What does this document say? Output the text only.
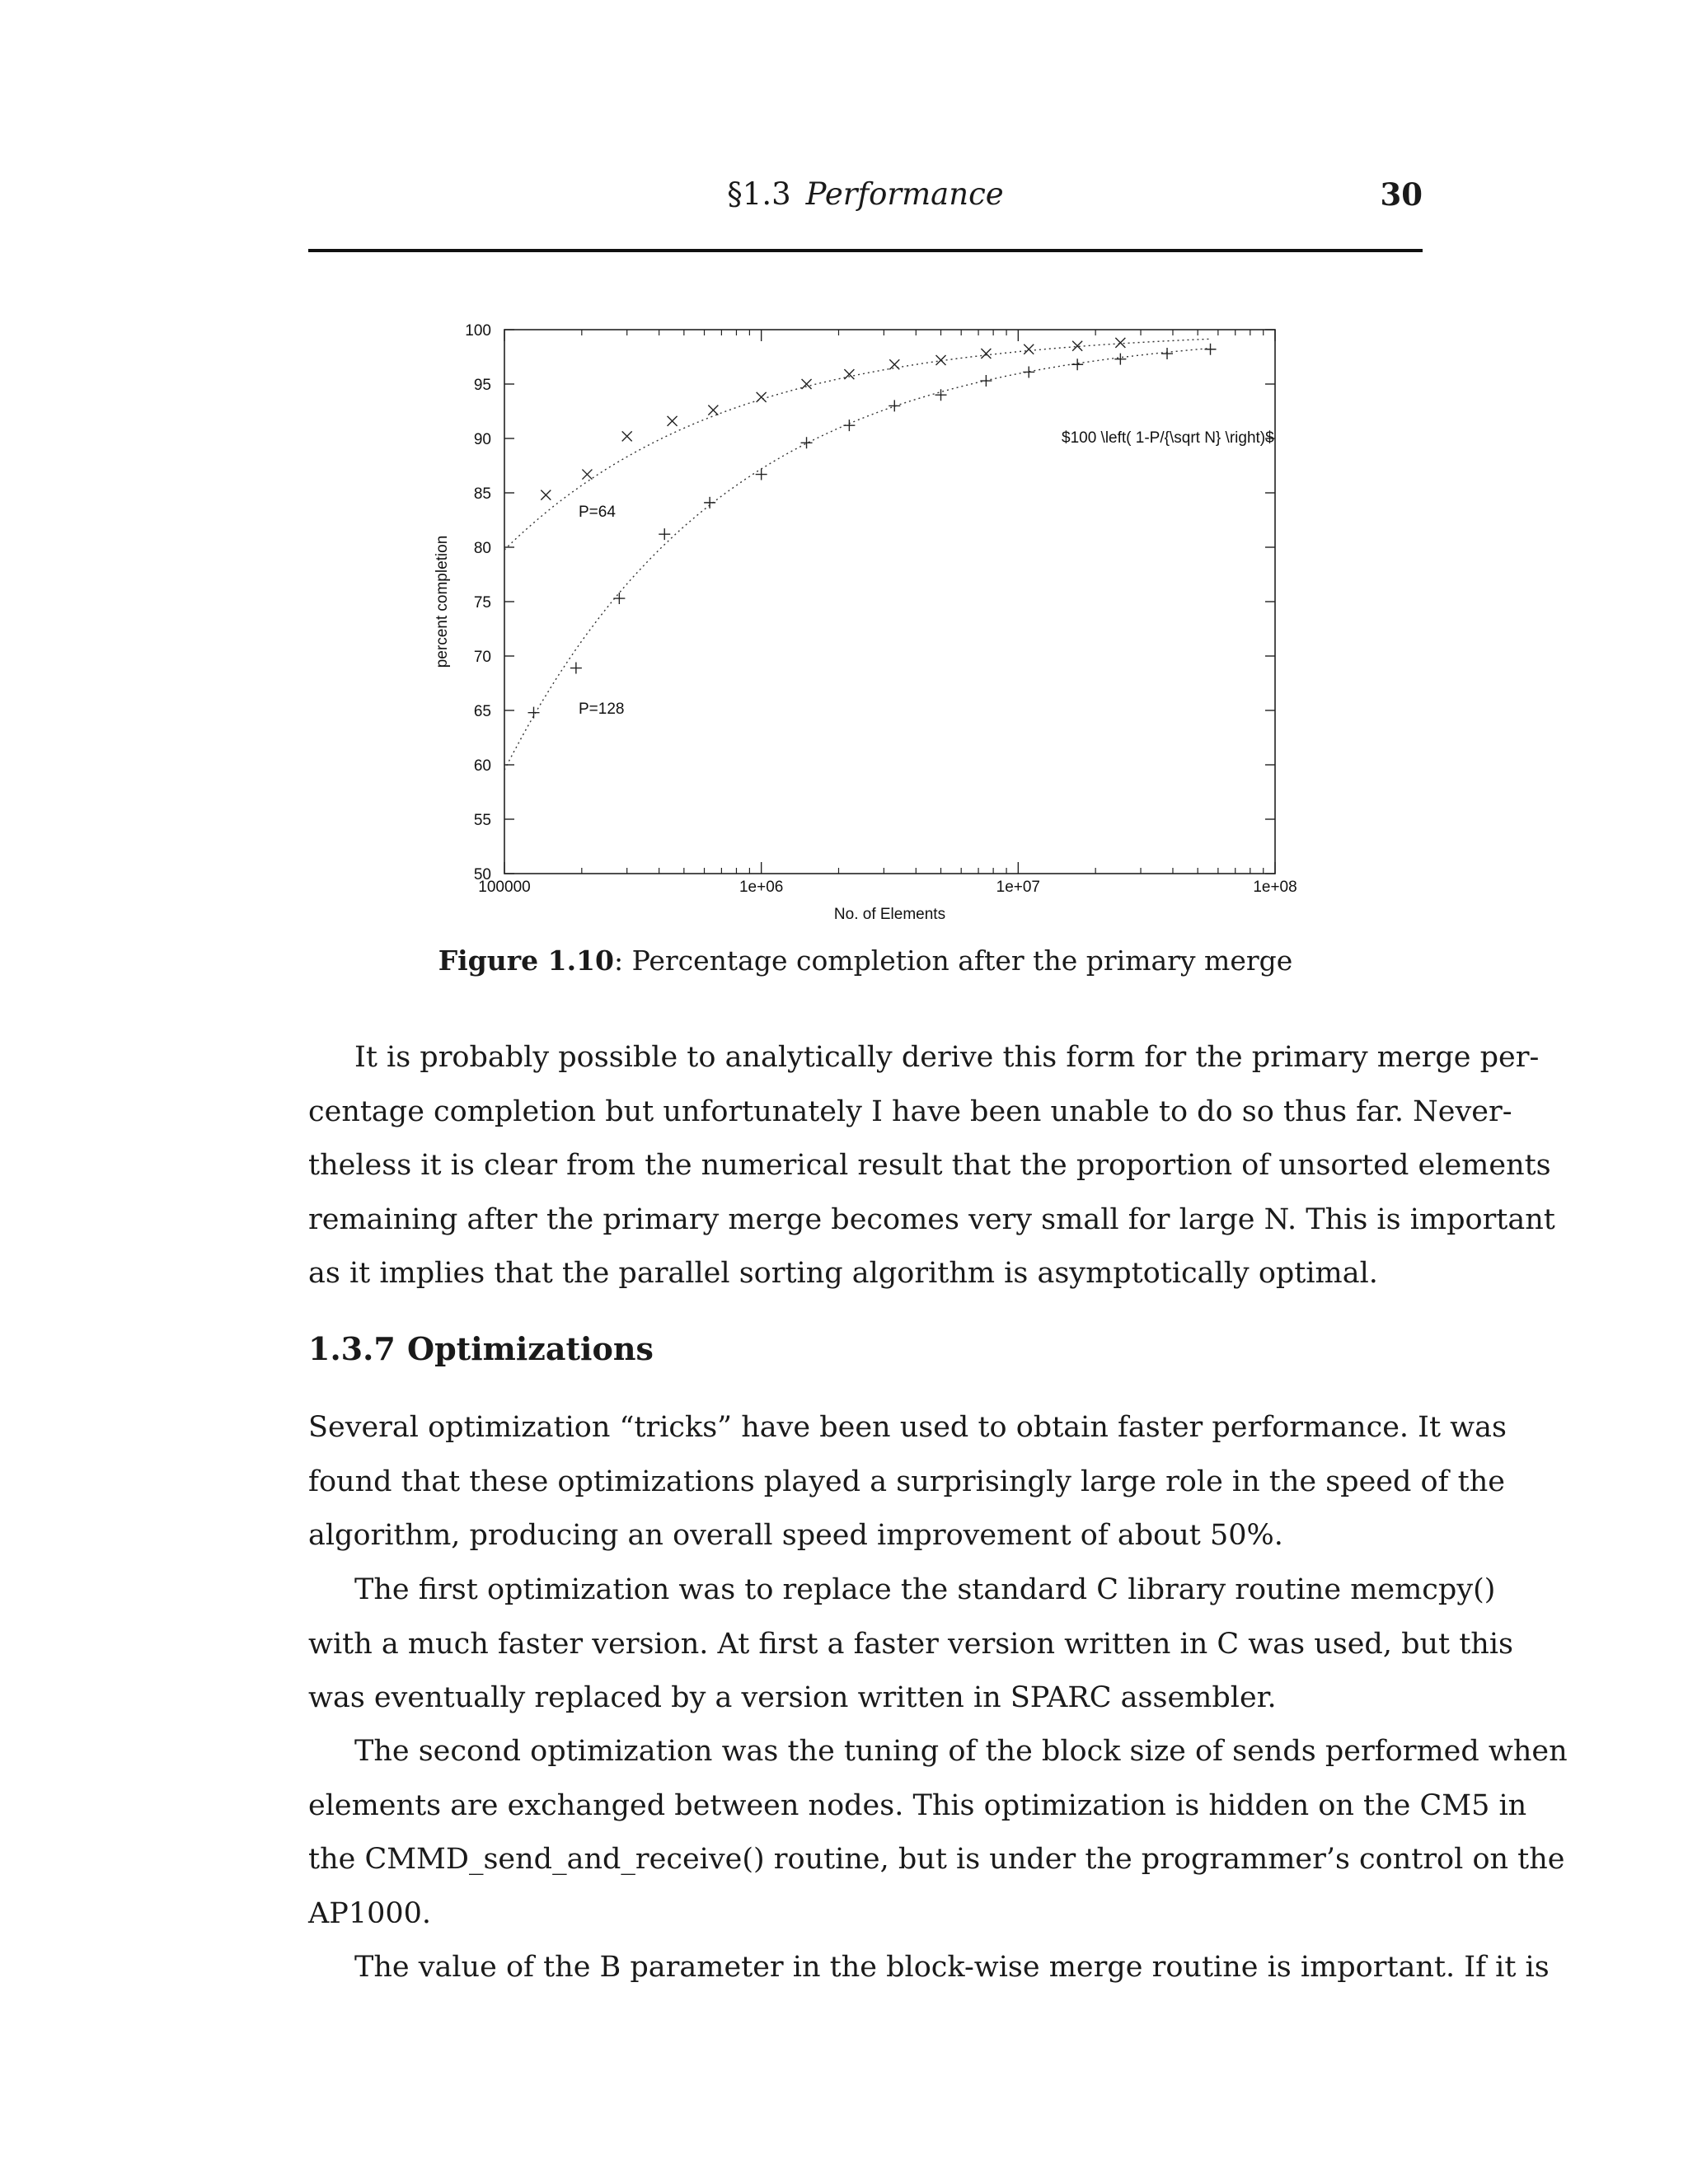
§1.3 Performance	30
50
55
60
65
70
75
80
85
90
95
100
100000	1e+06	1e+07	1e+08
No. of Elements
percent completion
$100 \left( 1-P/{\sqrt N} \right)$
P=64
P=128
Figure 1.10: Percentage completion after the primary merge
It is probably possible to analytically derive this form for the primary merge per-
centage completion but unfortunately I have been unable to do so thus far. Never-
theless it is clear from the numerical result that the proportion of unsorted elements
remaining after the primary merge becomes very small for large N. This is important
as it implies that the parallel sorting algorithm is asymptotically optimal.
1.3.7 Optimizations
Several optimization “tricks” have been used to obtain faster performance. It was
found that these optimizations played a surprisingly large role in the speed of the
algorithm, producing an overall speed improvement of about 50%.
The first optimization was to replace the standard C library routine memcpy()
with a much faster version. At first a faster version written in C was used, but this
was eventually replaced by a version written in SPARC assembler.
The second optimization was the tuning of the block size of sends performed when
elements are exchanged between nodes. This optimization is hidden on the CM5 in
the CMMD_send_and_receive() routine, but is under the programmer’s control on the
AP1000.
The value of the B parameter in the block-wise merge routine is important. If it is
